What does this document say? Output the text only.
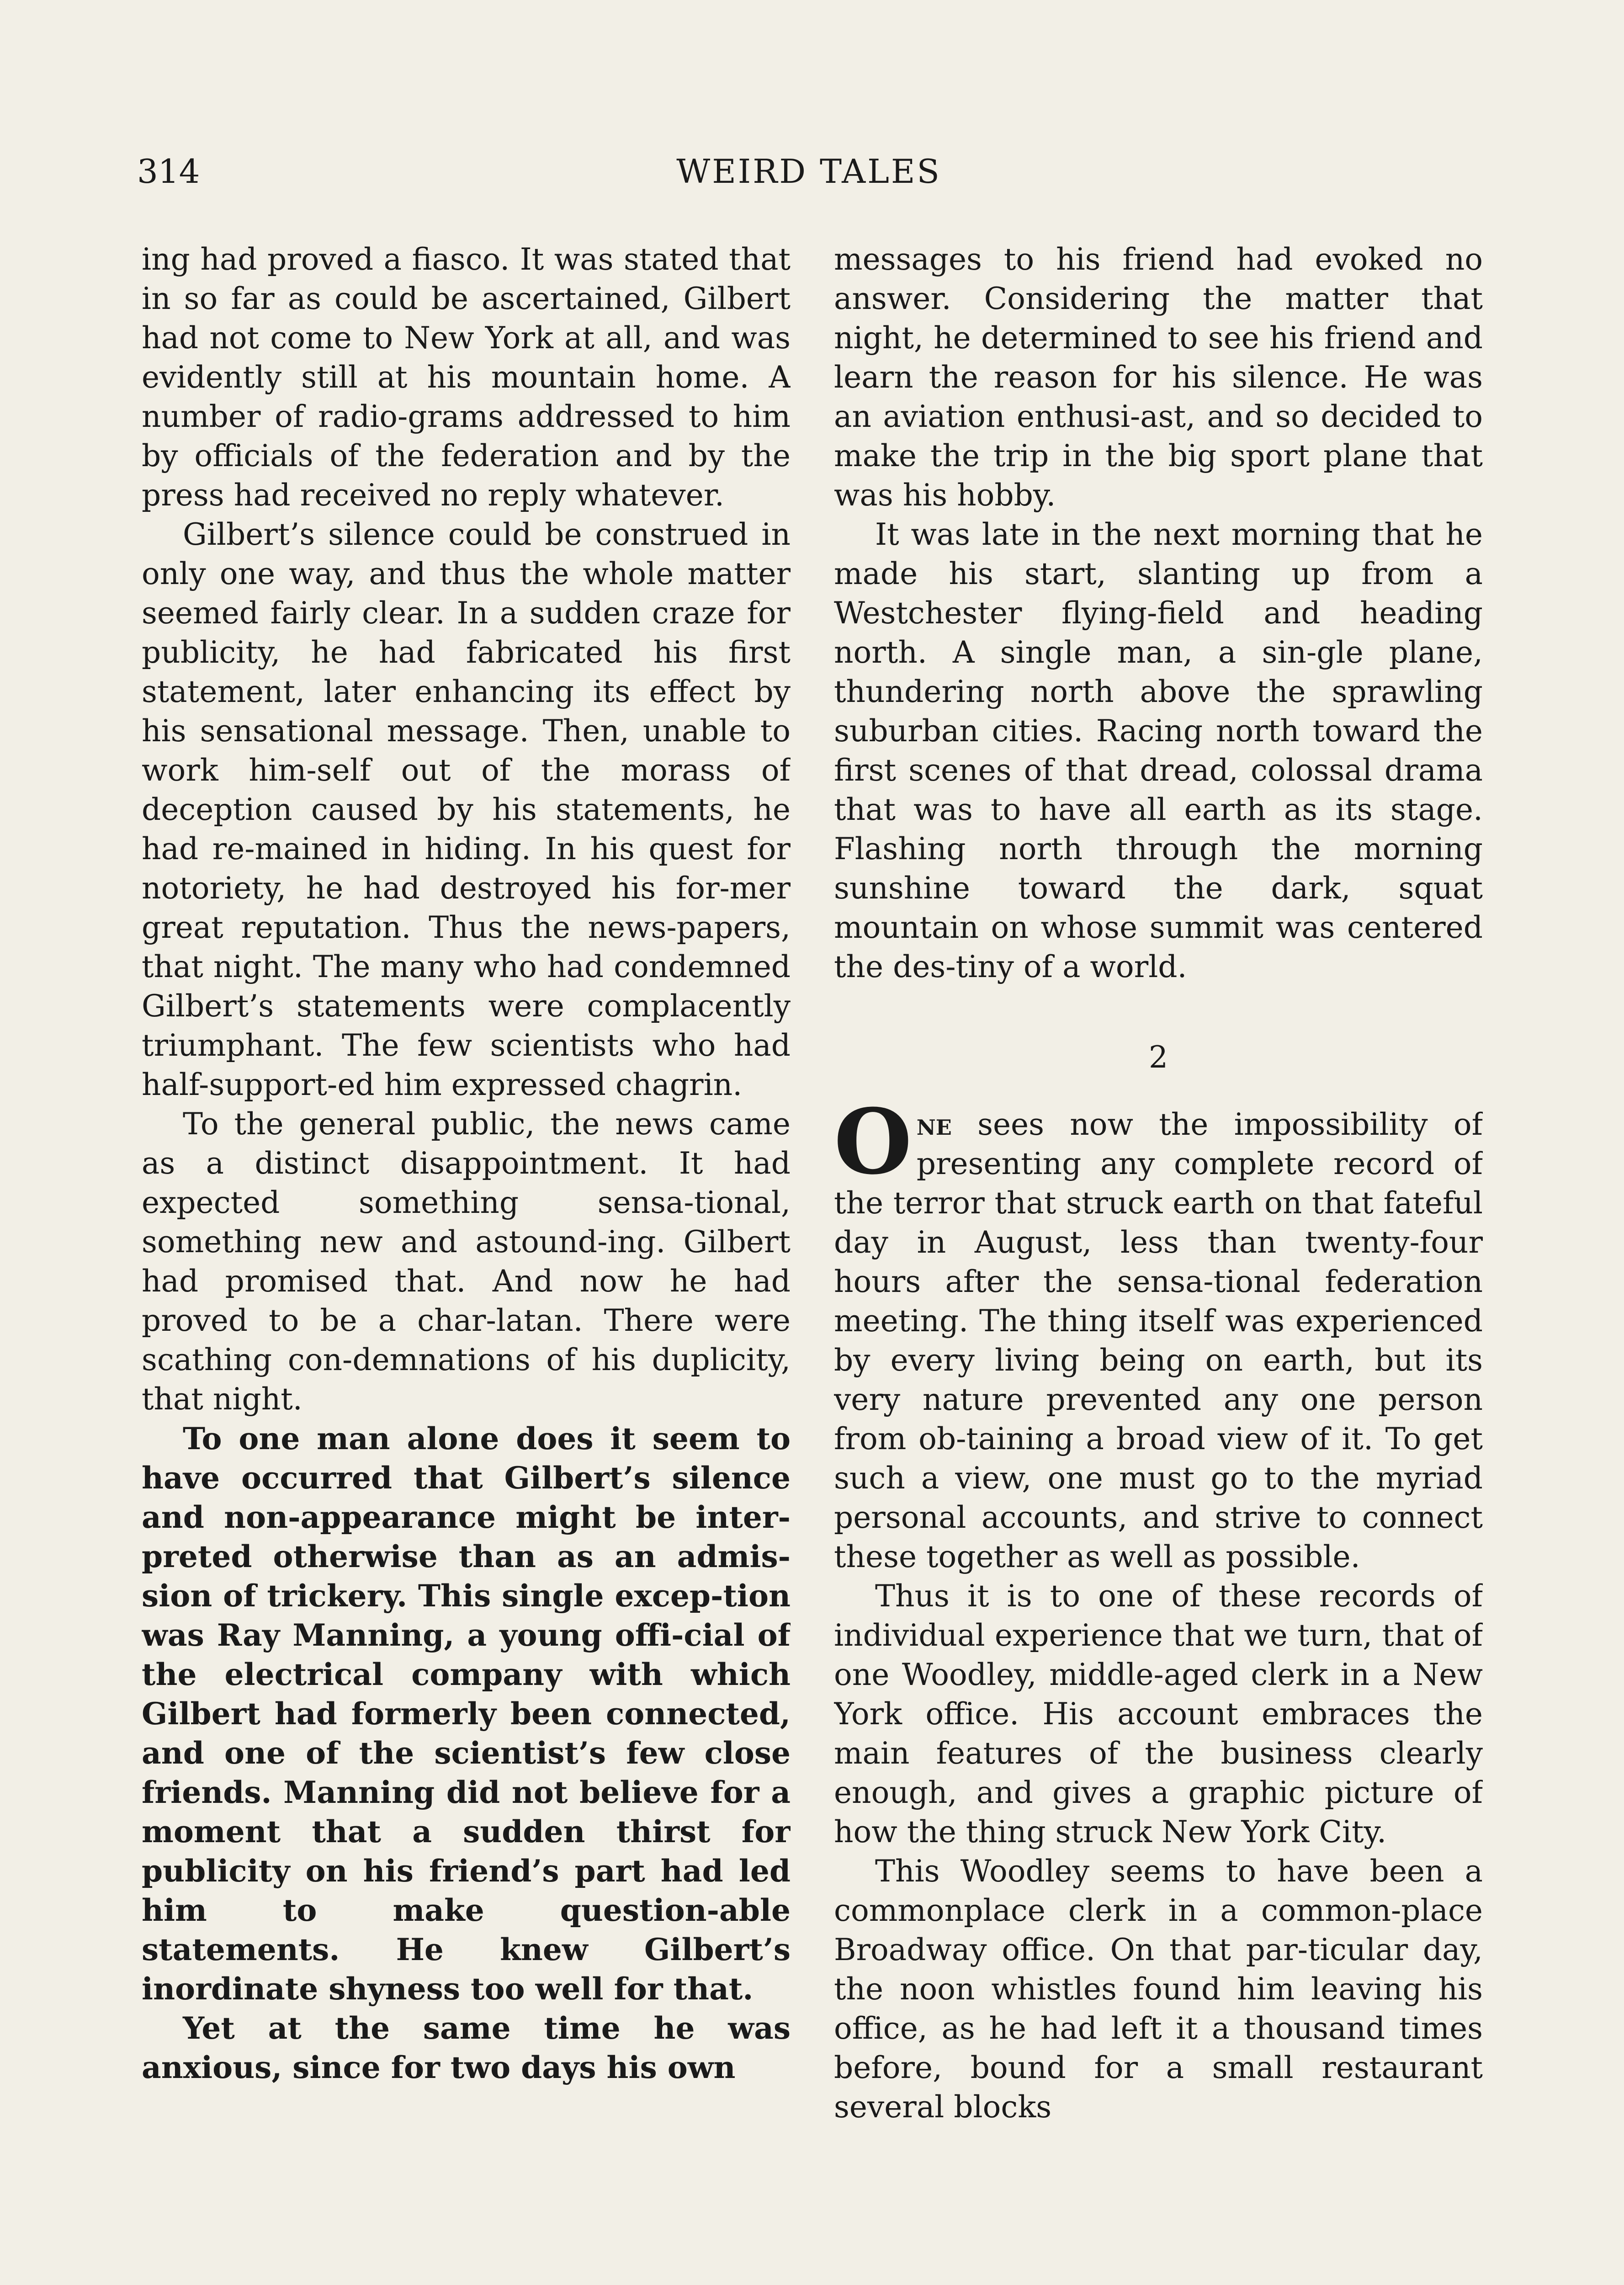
314	WEIRD TALES

ing had proved a fiasco. It was stated that in so far as could be ascertained, Gilbert had not come to New York at all, and was evidently still at his mountain home. A number of radio-grams addressed to him by officials of the federation and by the press had received no reply whatever.

Gilbert’s silence could be construed in only one way, and thus the whole matter seemed fairly clear. In a sudden craze for publicity, he had fabricated his first statement, later enhancing its effect by his sensational message. Then, unable to work him-self out of the morass of deception caused by his statements, he had re-mained in hiding. In his quest for notoriety, he had destroyed his for-mer great reputation. Thus the news-papers, that night. The many who had condemned Gilbert’s statements were complacently triumphant. The few scientists who had half-support-ed him expressed chagrin.

To the general public, the news came as a distinct disappointment. It had expected something sensa-tional, something new and astound-ing. Gilbert had promised that. And now he had proved to be a char-latan. There were scathing con-demnations of his duplicity, that night.

To one man alone does it seem to have occurred that Gilbert’s silence and non-appearance might be inter-preted otherwise than as an admis-sion of trickery. This single excep-tion was Ray Manning, a young offi-cial of the electrical company with which Gilbert had formerly been connected, and one of the scientist’s few close friends. Manning did not believe for a moment that a sudden thirst for publicity on his friend’s part had led him to make question-able statements. He knew Gilbert’s inordinate shyness too well for that.

Yet at the same time he was anxious, since for two days his own

messages to his friend had evoked no answer. Considering the matter that night, he determined to see his friend and learn the reason for his silence. He was an aviation enthusi-ast, and so decided to make the trip in the big sport plane that was his hobby.

It was late in the next morning that he made his start, slanting up from a Westchester flying-field and heading north. A single man, a sin-gle plane, thundering north above the sprawling suburban cities. Racing north toward the first scenes of that dread, colossal drama that was to have all earth as its stage. Flashing north through the morning sunshine toward the dark, squat mountain on whose summit was centered the des-tiny of a world.

2

One sees now the impossibility of presenting any complete record of the terror that struck earth on that fateful day in August, less than twenty-four hours after the sensa-tional federation meeting. The thing itself was experienced by every living being on earth, but its very nature prevented any one person from ob-taining a broad view of it. To get such a view, one must go to the myriad personal accounts, and strive to connect these together as well as possible.

Thus it is to one of these records of individual experience that we turn, that of one Woodley, middle-aged clerk in a New York office. His account embraces the main features of the business clearly enough, and gives a graphic picture of how the thing struck New York City.

This Woodley seems to have been a commonplace clerk in a common-place Broadway office. On that par-ticular day, the noon whistles found him leaving his office, as he had left it a thousand times before, bound for a small restaurant several blocks
